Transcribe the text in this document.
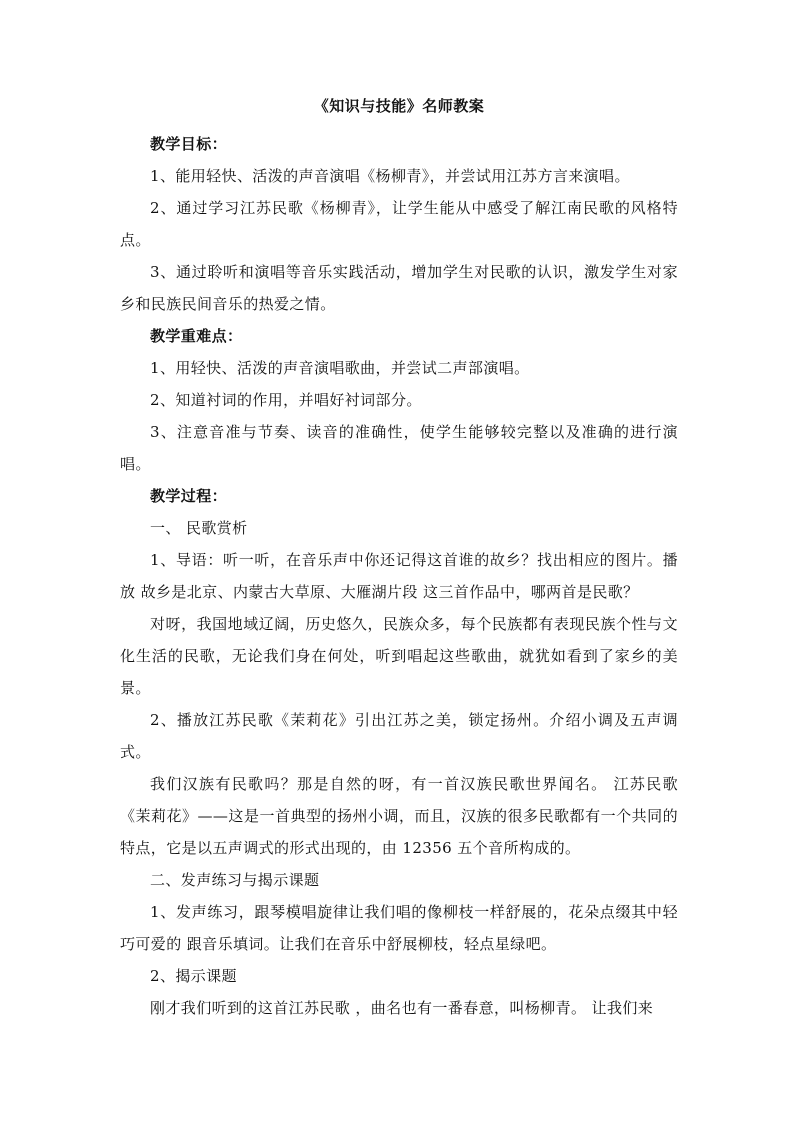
《知识与技能》名师教案

教学目标：

1、能用轻快、活泼的声音演唱《杨柳青》，并尝试用江苏方言来演唱。

2、通过学习江苏民歌《杨柳青》，让学生能从中感受了解江南民歌的风格特点。

3、通过聆听和演唱等音乐实践活动，增加学生对民歌的认识，激发学生对家乡和民族民间音乐的热爱之情。

教学重难点：

1、用轻快、活泼的声音演唱歌曲，并尝试二声部演唱。

2、知道衬词的作用，并唱好衬词部分。

3、注意音准与节奏、读音的准确性，使学生能够较完整以及准确的进行演唱。

教学过程：

一、 民歌赏析

1、导语：听一听，在音乐声中你还记得这首谁的故乡？找出相应的图片。播放 故乡是北京、内蒙古大草原、大雁湖片段 这三首作品中，哪两首是民歌？

对呀，我国地域辽阔，历史悠久，民族众多，每个民族都有表现民族个性与文化生活的民歌，无论我们身在何处，听到唱起这些歌曲，就犹如看到了家乡的美景。

2、播放江苏民歌《茉莉花》引出江苏之美，锁定扬州。介绍小调及五声调式。

我们汉族有民歌吗？那是自然的呀，有一首汉族民歌世界闻名。 江苏民歌《茉莉花》——这是一首典型的扬州小调，而且，汉族的很多民歌都有一个共同的特点，它是以五声调式的形式出现的，由 12356 五个音所构成的。

二、发声练习与揭示课题

1、发声练习，跟琴模唱旋律让我们唱的像柳枝一样舒展的，花朵点缀其中轻巧可爱的 跟音乐填词。让我们在音乐中舒展柳枝，轻点星绿吧。

2、揭示课题

刚才我们听到的这首江苏民歌 ，曲名也有一番春意，叫杨柳青。 让我们来
